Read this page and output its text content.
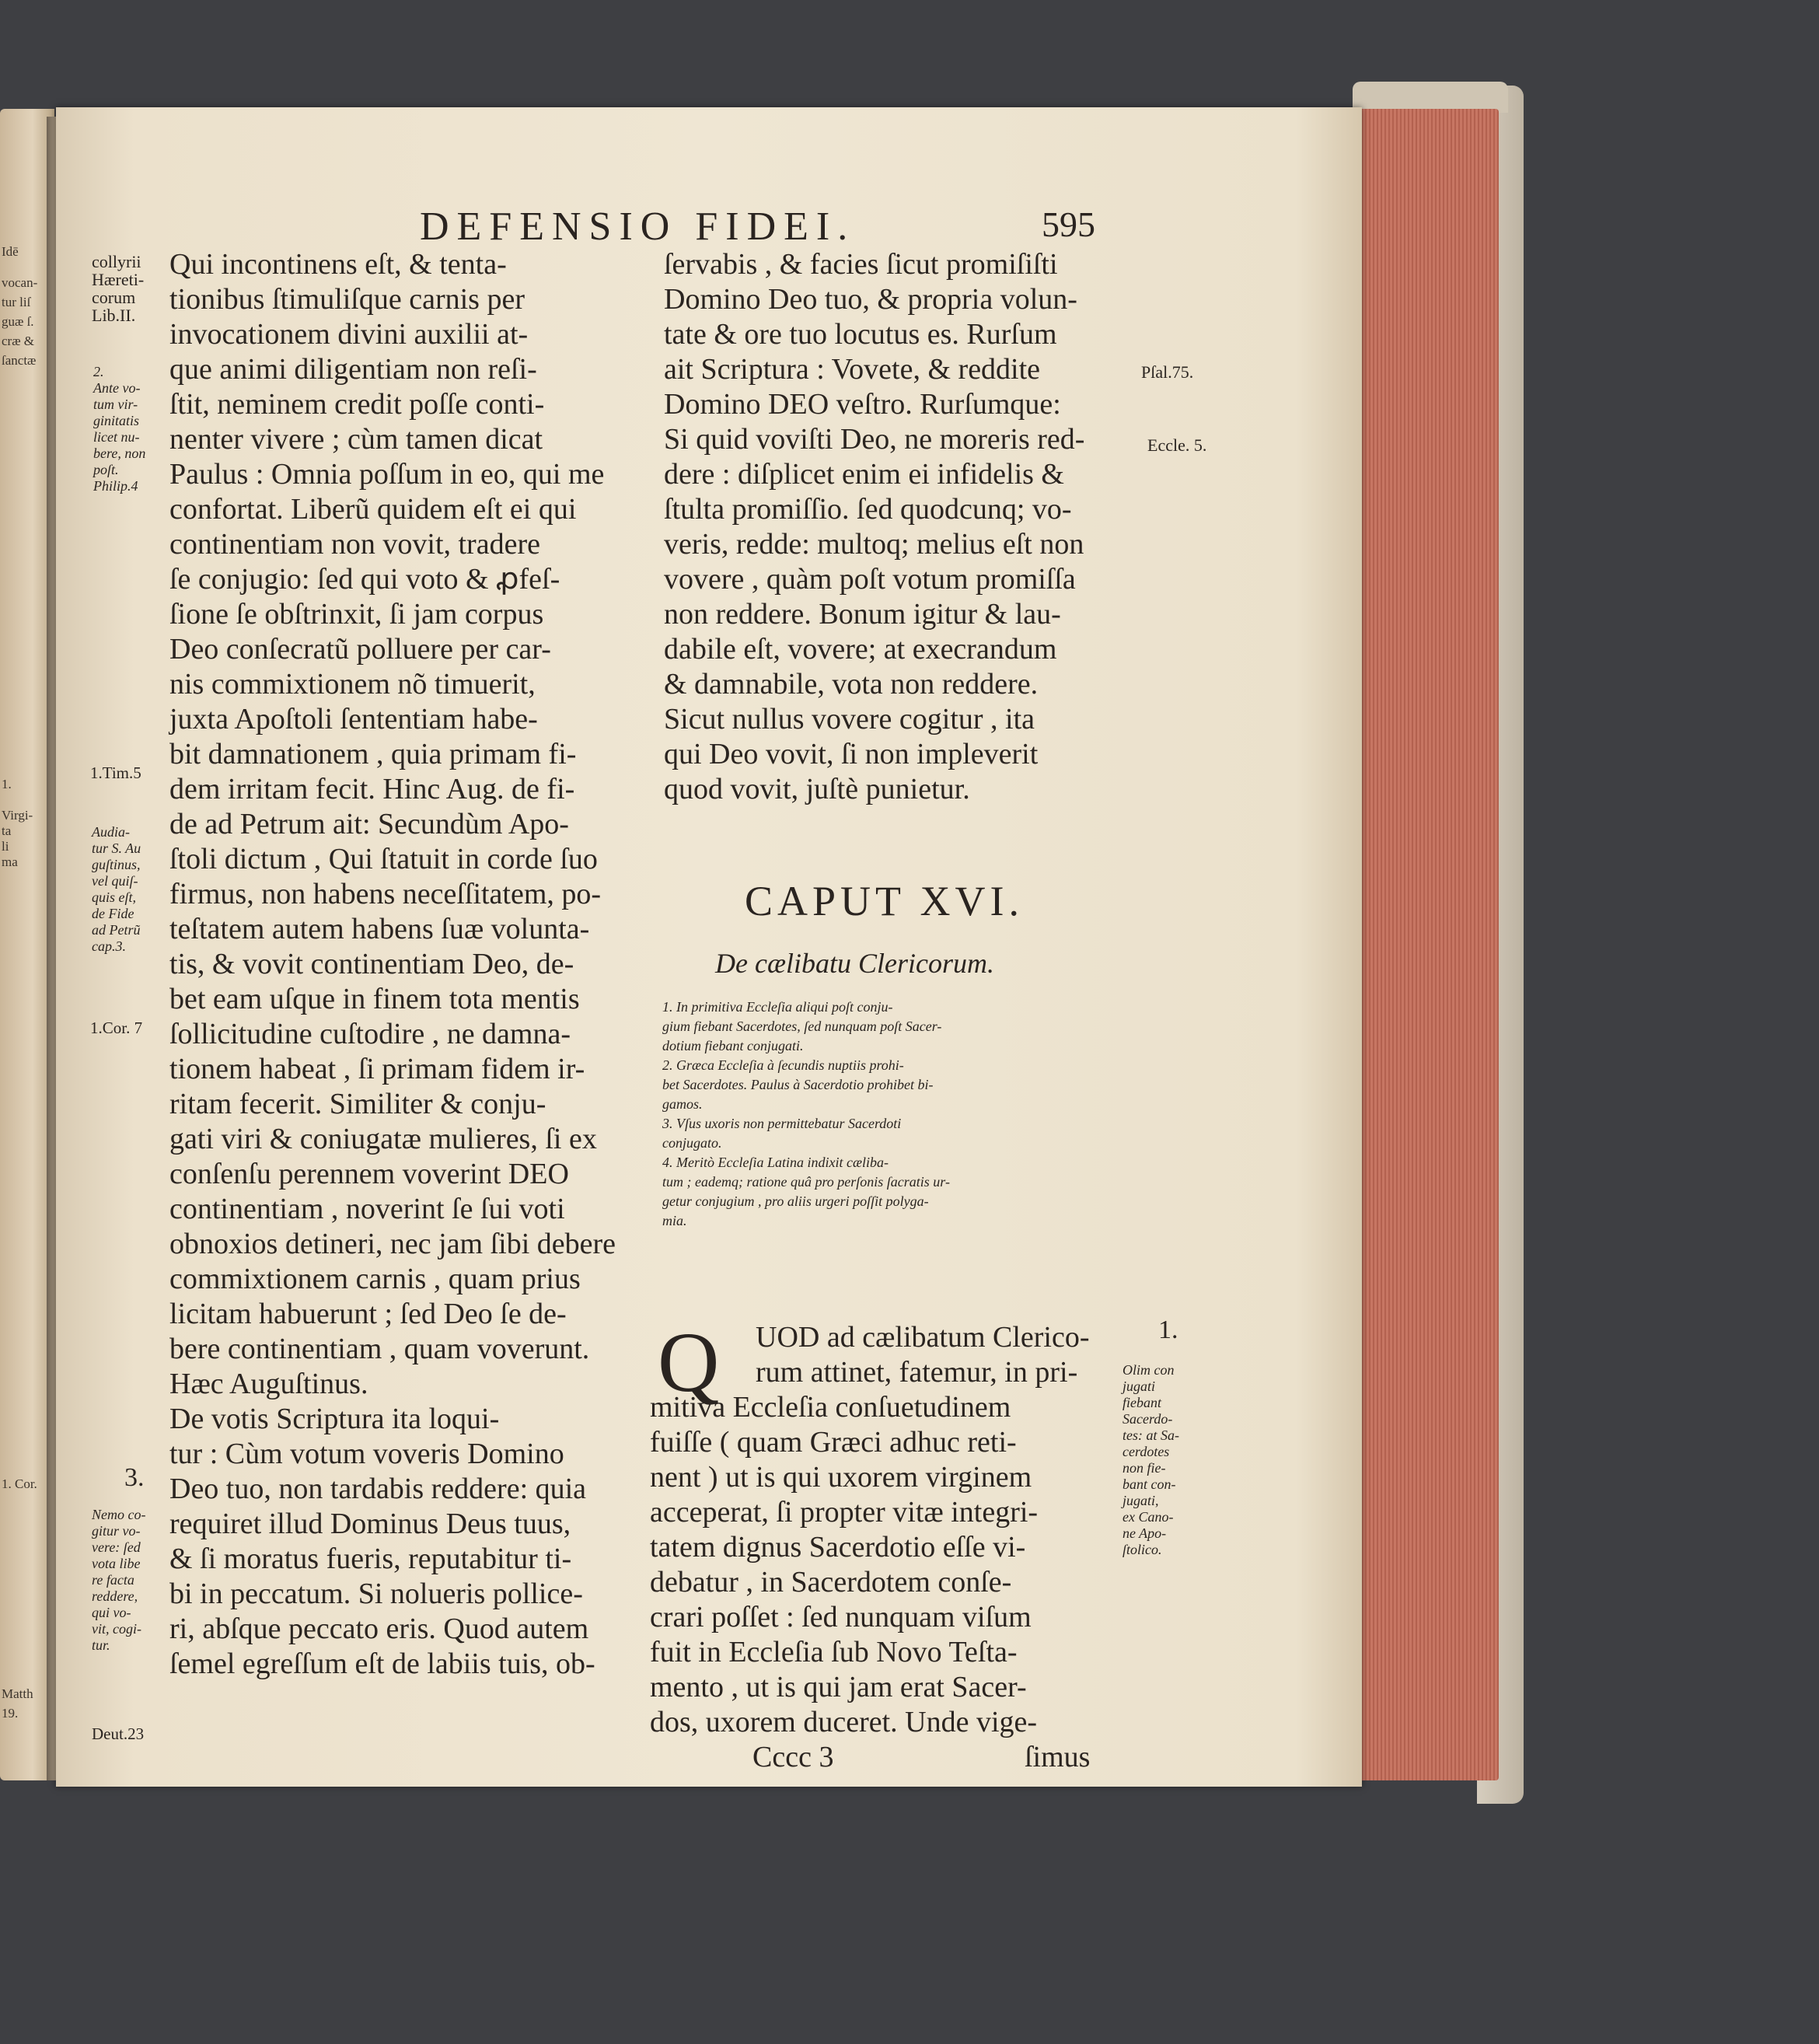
Idē
vocan-
tur liſ
guæ ſ.
cræ &
ſanctæ
1.
Virgi-
ta
li
ma
1. Cor.
Matth
19.
DEFENSIO FIDEI.	595

Qui incontinens eſt, & tenta-

tionibus ſtimuliſque carnis per

invocationem divini auxilii at-

que animi diligentiam non reſi-

ſtit, neminem credit poſſe conti-

nenter vivere ; cùm tamen dicat

Paulus : Omnia poſſum in eo, qui me

confortat. Liberũ quidem eſt ei qui

continentiam non vovit, tradere

ſe conjugio: ſed qui voto & ꝓfeſ-

ſione ſe obſtrinxit, ſi jam corpus

Deo conſecratũ polluere per car-

nis commixtionem nõ timuerit,

juxta Apoſtoli ſententiam habe-

bit damnationem , quia primam fi-

dem irritam fecit. Hinc Aug. de fi-

de ad Petrum ait: Secundùm Apo-

ſtoli dictum , Qui ſtatuit in corde ſuo

firmus, non habens neceſſitatem, po-

teſtatem autem habens ſuæ volunta-

tis, & vovit continentiam Deo, de-

bet eam uſque in finem tota mentis

ſollicitudine cuſtodire , ne damna-

tionem habeat , ſi primam fidem ir-

ritam fecerit. Similiter & conju-

gati viri & coniugatæ mulieres, ſi ex

conſenſu perennem voverint DEO

continentiam , noverint ſe ſui voti

obnoxios detineri, nec jam ſibi debere

commixtionem carnis , quam prius

licitam habuerunt ; ſed Deo ſe de-

bere continentiam , quam voverunt.

Hæc Auguſtinus.

De votis Scriptura ita loqui-

tur : Cùm votum voveris Domino

Deo tuo, non tardabis reddere: quia

requiret illud Dominus Deus tuus,

& ſi moratus fueris, reputabitur ti-

bi in peccatum. Si nolueris pollice-

ri, abſque peccato eris. Quod autem

ſemel egreſſum eſt de labiis tuis, ob-

ſervabis , & facies ſicut promiſiſti

Domino Deo tuo, & propria volun-

tate & ore tuo locutus es. Rurſum

ait Scriptura : Vovete, & reddite

Domino DEO veſtro. Rurſumque:

Si quid voviſti Deo, ne moreris red-

dere : diſplicet enim ei infidelis &

ſtulta promiſſio. ſed quodcunq; vo-

veris, redde: multoq; melius eſt non

vovere , quàm poſt votum promiſſa

non reddere. Bonum igitur & lau-

dabile eſt, vovere; at execrandum

& damnabile, vota non reddere.

Sicut nullus vovere cogitur , ita

qui Deo vovit, ſi non impleverit

quod vovit, juſtè punietur.

CAPUT XVI.
De cælibatu Clericorum.

1. In primitiva Eccleſia aliqui poſt conju-

gium fiebant Sacerdotes, ſed nunquam poſt Sacer-

dotium fiebant conjugati.

2. Græca Eccleſia à ſecundis nuptiis prohi-

bet Sacerdotes. Paulus à Sacerdotio prohibet bi-

gamos.

3. Vſus uxoris non permittebatur Sacerdoti

conjugato.

4. Meritò Eccleſia Latina indixit cæliba-

tum ; eademq; ratione quâ pro perſonis ſacratis ur-

getur conjugium , pro aliis urgeri poſſit polyga-

mia.

Q

  UOD ad cælibatum Clerico-

  rum attinet, fatemur, in pri-

mitiva Eccleſia conſuetudinem

fuiſſe ( quam Græci adhuc reti-

nent ) ut is qui uxorem virginem

acceperat, ſi propter vitæ integri-

tatem dignus Sacerdotio eſſe vi-

debatur , in Sacerdotem conſe-

crari poſſet : ſed nunquam viſum

fuit in Eccleſia ſub Novo Teſta-

mento , ut is qui jam erat Sacer-

dos, uxorem duceret. Unde vige-

Cccc 3	ſimus
collyrii
Hæreti-
corum
Lib.II.
2.
Ante vo-
tum vir-
ginitatis
licet nu-
bere, non
poſt.
Philip.4
1.Tim.5
Audia-
tur S. Au
guſtinus,
vel quiſ-
quis eſt,
de Fide
ad Petrũ
cap.3.
1.Cor. 7
3.
Nemo co-
gitur vo-
vere: ſed
vota libe
re facta
reddere,
qui vo-
vit, cogi-
tur.
Deut.23
Pſal.75.
Eccle. 5.
1.
Olim con
jugati
fiebant
Sacerdo-
tes: at Sa-
cerdotes
non fie-
bant con-
jugati,
ex Cano-
ne Apo-
ſtolico.
